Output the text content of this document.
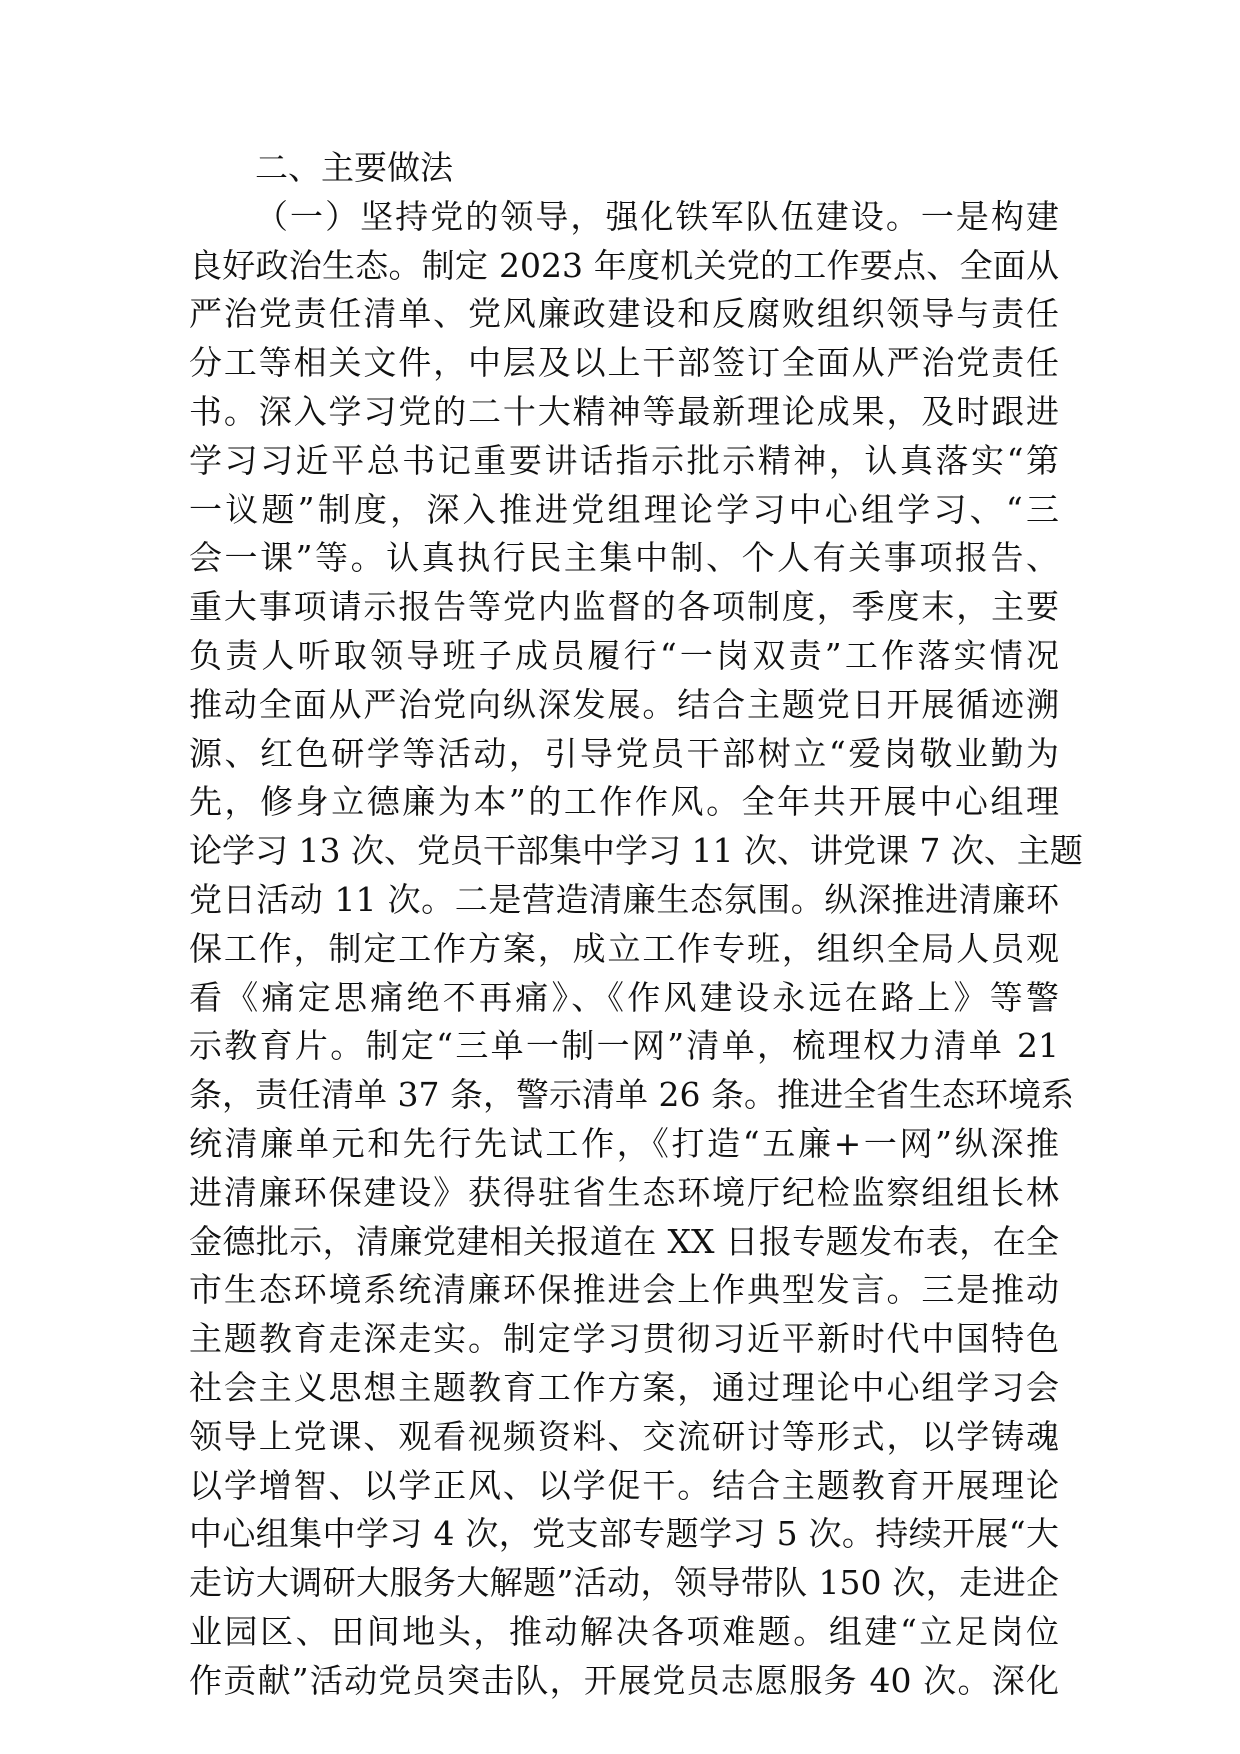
二、主要做法
（一）坚持党的领导，强化铁军队伍建设。一是构建
良好政治生态。制定 2023 年度机关党的工作要点、全面从
严治党责任清单、党风廉政建设和反腐败组织领导与责任
分工等相关文件，中层及以上干部签订全面从严治党责任
书。深入学习党的二十大精神等最新理论成果，及时跟进
学习习近平总书记重要讲话指示批示精神，认真落实“第
一议题”制度，深入推进党组理论学习中心组学习、“三
会一课”等。认真执行民主集中制、个人有关事项报告、
重大事项请示报告等党内监督的各项制度，季度末，主要
负责人听取领导班子成员履行“一岗双责”工作落实情况
推动全面从严治党向纵深发展。结合主题党日开展循迹溯
源、红色研学等活动，引导党员干部树立“爱岗敬业勤为
先，修身立德廉为本”的工作作风。全年共开展中心组理
论学习 13 次、党员干部集中学习 11 次、讲党课 7 次、主题
党日活动 11 次。二是营造清廉生态氛围。纵深推进清廉环
保工作，制定工作方案，成立工作专班，组织全局人员观
看《痛定思痛绝不再痛》、《作风建设永远在路上》等警
示教育片。制定“三单一制一网”清单，梳理权力清单 21
条，责任清单 37 条，警示清单 26 条。推进全省生态环境系
统清廉单元和先行先试工作，《打造“五廉+一网”纵深推
进清廉环保建设》获得驻省生态环境厅纪检监察组组长林
金德批示，清廉党建相关报道在 XX 日报专题发布表，在全
市生态环境系统清廉环保推进会上作典型发言。三是推动
主题教育走深走实。制定学习贯彻习近平新时代中国特色
社会主义思想主题教育工作方案，通过理论中心组学习会
领导上党课、观看视频资料、交流研讨等形式，以学铸魂
以学增智、以学正风、以学促干。结合主题教育开展理论
中心组集中学习 4 次，党支部专题学习 5 次。持续开展“大
走访大调研大服务大解题”活动，领导带队 150 次，走进企
业园区、田间地头，推动解决各项难题。组建“立足岗位
作贡献”活动党员突击队，开展党员志愿服务 40 次。深化
